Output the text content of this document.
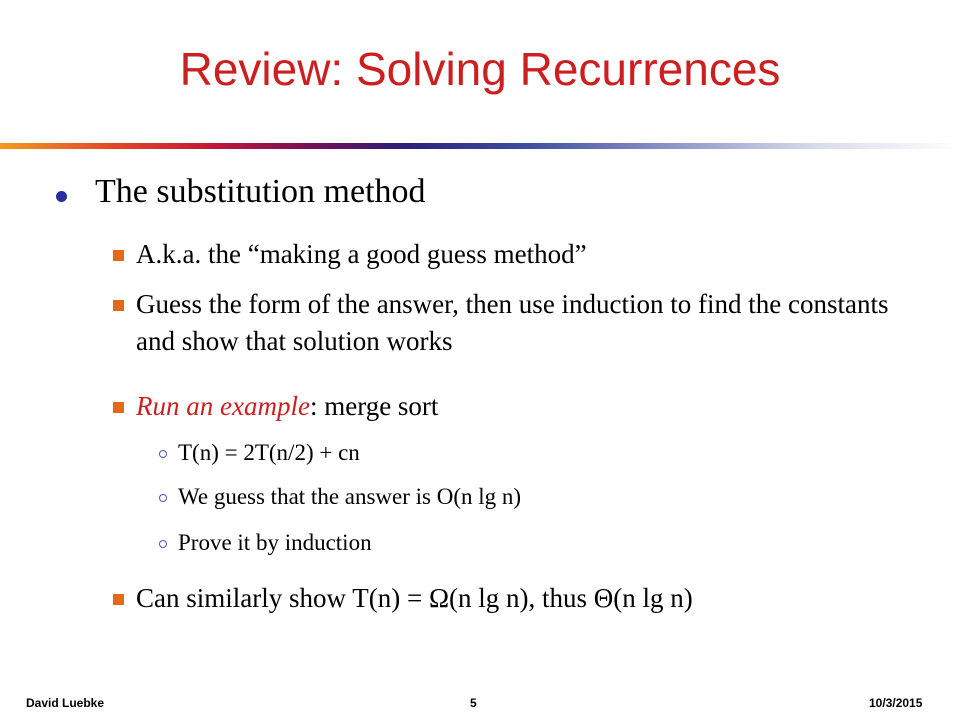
Review: Solving Recurrences
The substitution method
A.k.a. the “making a good guess method”
Guess the form of the answer, then use induction to find the constants and show that solution works
Run an example: merge sort
T(n) = 2T(n/2) + cn
We guess that the answer is O(n lg n)
Prove it by induction
Can similarly show T(n) = Ω(n lg n), thus Θ(n lg n)
David Luebke	5	10/3/2015
